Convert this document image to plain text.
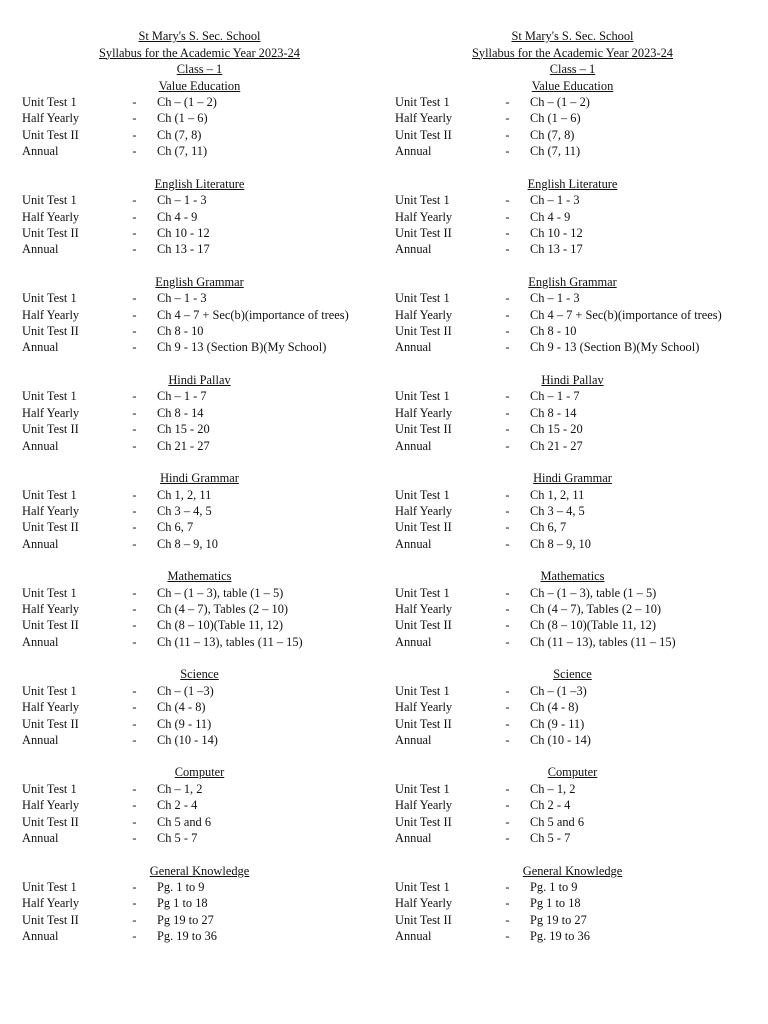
St Mary's S. Sec. School
Syllabus for the Academic Year 2023-24
Class – 1
Value Education
Unit Test 1	-	Ch – (1 – 2)
Half Yearly	-	Ch (1 – 6)
Unit Test II	-	Ch (7, 8)
Annual	-	Ch (7, 11)
English Literature
Unit Test 1	-	Ch – 1 - 3
Half Yearly	-	Ch 4 - 9
Unit Test II	-	Ch 10 - 12
Annual	-	Ch 13 - 17
English Grammar
Unit Test 1	-	Ch – 1 - 3
Half Yearly	-	Ch 4 – 7 + Sec(b)(importance of trees)
Unit Test II	-	Ch 8 - 10
Annual	-	Ch 9 - 13 (Section B)(My School)
Hindi Pallav
Unit Test 1	-	Ch – 1 - 7
Half Yearly	-	Ch 8 - 14
Unit Test II	-	Ch 15 - 20
Annual	-	Ch 21 - 27
Hindi Grammar
Unit Test 1	-	Ch 1, 2, 11
Half Yearly	-	Ch 3 – 4, 5
Unit Test II	-	Ch 6, 7
Annual	-	Ch 8 – 9, 10
Mathematics
Unit Test 1	-	Ch – (1 – 3), table (1 – 5)
Half Yearly	-	Ch (4 – 7), Tables (2 – 10)
Unit Test II	-	Ch (8 – 10)(Table 11, 12)
Annual	-	Ch (11 – 13), tables (11 – 15)
Science
Unit Test 1	-	Ch – (1 –3)
Half Yearly	-	Ch (4 - 8)
Unit Test II	-	Ch (9 - 11)
Annual	-	Ch (10 - 14)
Computer
Unit Test 1	-	Ch – 1, 2
Half Yearly	-	Ch 2 - 4
Unit Test II	-	Ch 5 and 6
Annual	-	Ch 5 - 7
General Knowledge
Unit Test 1	-	Pg. 1 to 9
Half Yearly	-	Pg 1 to 18
Unit Test II	-	Pg 19 to 27
Annual	-	Pg. 19 to 36
St Mary's S. Sec. School
Syllabus for the Academic Year 2023-24
Class – 1
Value Education
Unit Test 1	-	Ch – (1 – 2)
Half Yearly	-	Ch (1 – 6)
Unit Test II	-	Ch (7, 8)
Annual	-	Ch (7, 11)
English Literature
Unit Test 1	-	Ch – 1 - 3
Half Yearly	-	Ch 4 - 9
Unit Test II	-	Ch 10 - 12
Annual	-	Ch 13 - 17
English Grammar
Unit Test 1	-	Ch – 1 - 3
Half Yearly	-	Ch 4 – 7 + Sec(b)(importance of trees)
Unit Test II	-	Ch 8 - 10
Annual	-	Ch 9 - 13 (Section B)(My School)
Hindi Pallav
Unit Test 1	-	Ch – 1 - 7
Half Yearly	-	Ch 8 - 14
Unit Test II	-	Ch 15 - 20
Annual	-	Ch 21 - 27
Hindi Grammar
Unit Test 1	-	Ch 1, 2, 11
Half Yearly	-	Ch 3 – 4, 5
Unit Test II	-	Ch 6, 7
Annual	-	Ch 8 – 9, 10
Mathematics
Unit Test 1	-	Ch – (1 – 3), table (1 – 5)
Half Yearly	-	Ch (4 – 7), Tables (2 – 10)
Unit Test II	-	Ch (8 – 10)(Table 11, 12)
Annual	-	Ch (11 – 13), tables (11 – 15)
Science
Unit Test 1	-	Ch – (1 –3)
Half Yearly	-	Ch (4 - 8)
Unit Test II	-	Ch (9 - 11)
Annual	-	Ch (10 - 14)
Computer
Unit Test 1	-	Ch – 1, 2
Half Yearly	-	Ch 2 - 4
Unit Test II	-	Ch 5 and 6
Annual	-	Ch 5 - 7
General Knowledge
Unit Test 1	-	Pg. 1 to 9
Half Yearly	-	Pg 1 to 18
Unit Test II	-	Pg 19 to 27
Annual	-	Pg. 19 to 36
